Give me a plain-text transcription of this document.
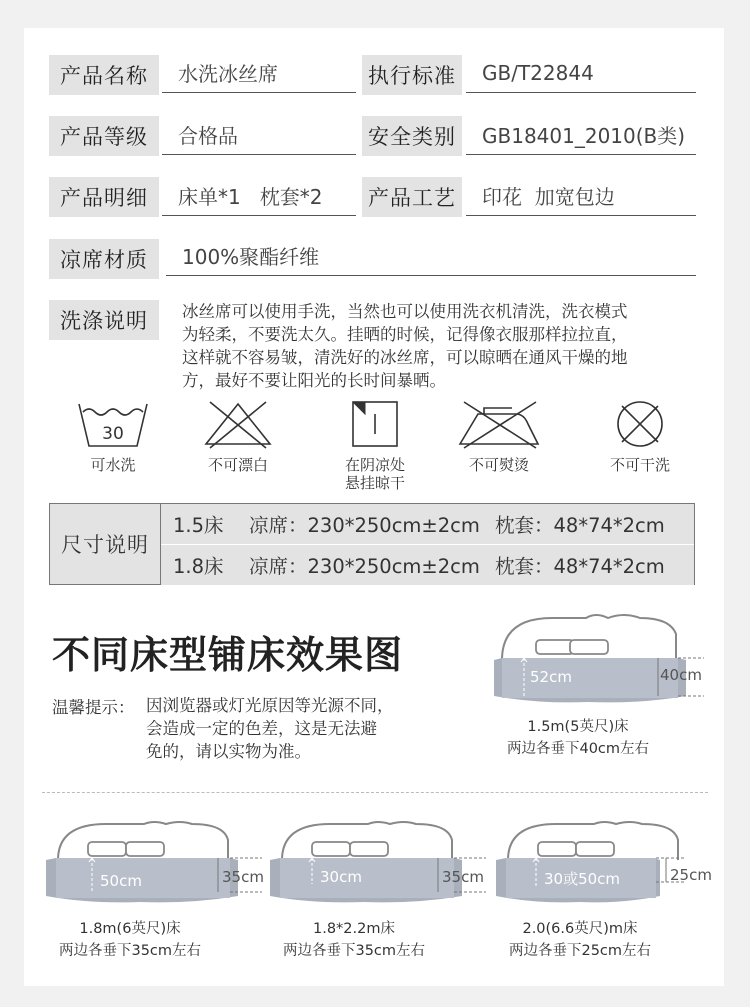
产品名称	水洗冰丝席	执行标准	GB/T22844
产品等级	合格品	安全类别	GB18401_2010(B类)
产品明细	床单*1   枕套*2	产品工艺	印花  加宽包边
凉席材质	100%聚酯纤维
洗涤说明	冰丝席可以使用手洗，当然也可以使用洗衣机清洗，洗衣模式
为轻柔，不要洗太久。挂晒的时候，记得像衣服那样拉拉直，
这样就不容易皱，清洗好的冰丝席，可以晾晒在通风干燥的地
方，最好不要让阳光的长时间暴晒。
30
可水洗	不可漂白	在阴凉处
悬挂晾干
不可熨烫	不可干洗
尺寸说明
1.5床	凉席：230*250cm±2cm 枕套：48*74*2cm
1.8床	凉席：230*250cm±2cm 枕套：48*74*2cm
不同床型铺床效果图
温馨提示： 因浏览器或灯光原因等光源不同，
会造成一定的色差，这是无法避
免的，请以实物为准。
52cm	40cm
1.5m(5英尺)床
两边各垂下40cm左右
50cm	35cm
1.8m(6英尺)床
两边各垂下35cm左右
30cm	35cm
1.8*2.2m床
两边各垂下35cm左右
30或50cm	25cm
2.0(6.6英尺)m床
两边各垂下25cm左右
